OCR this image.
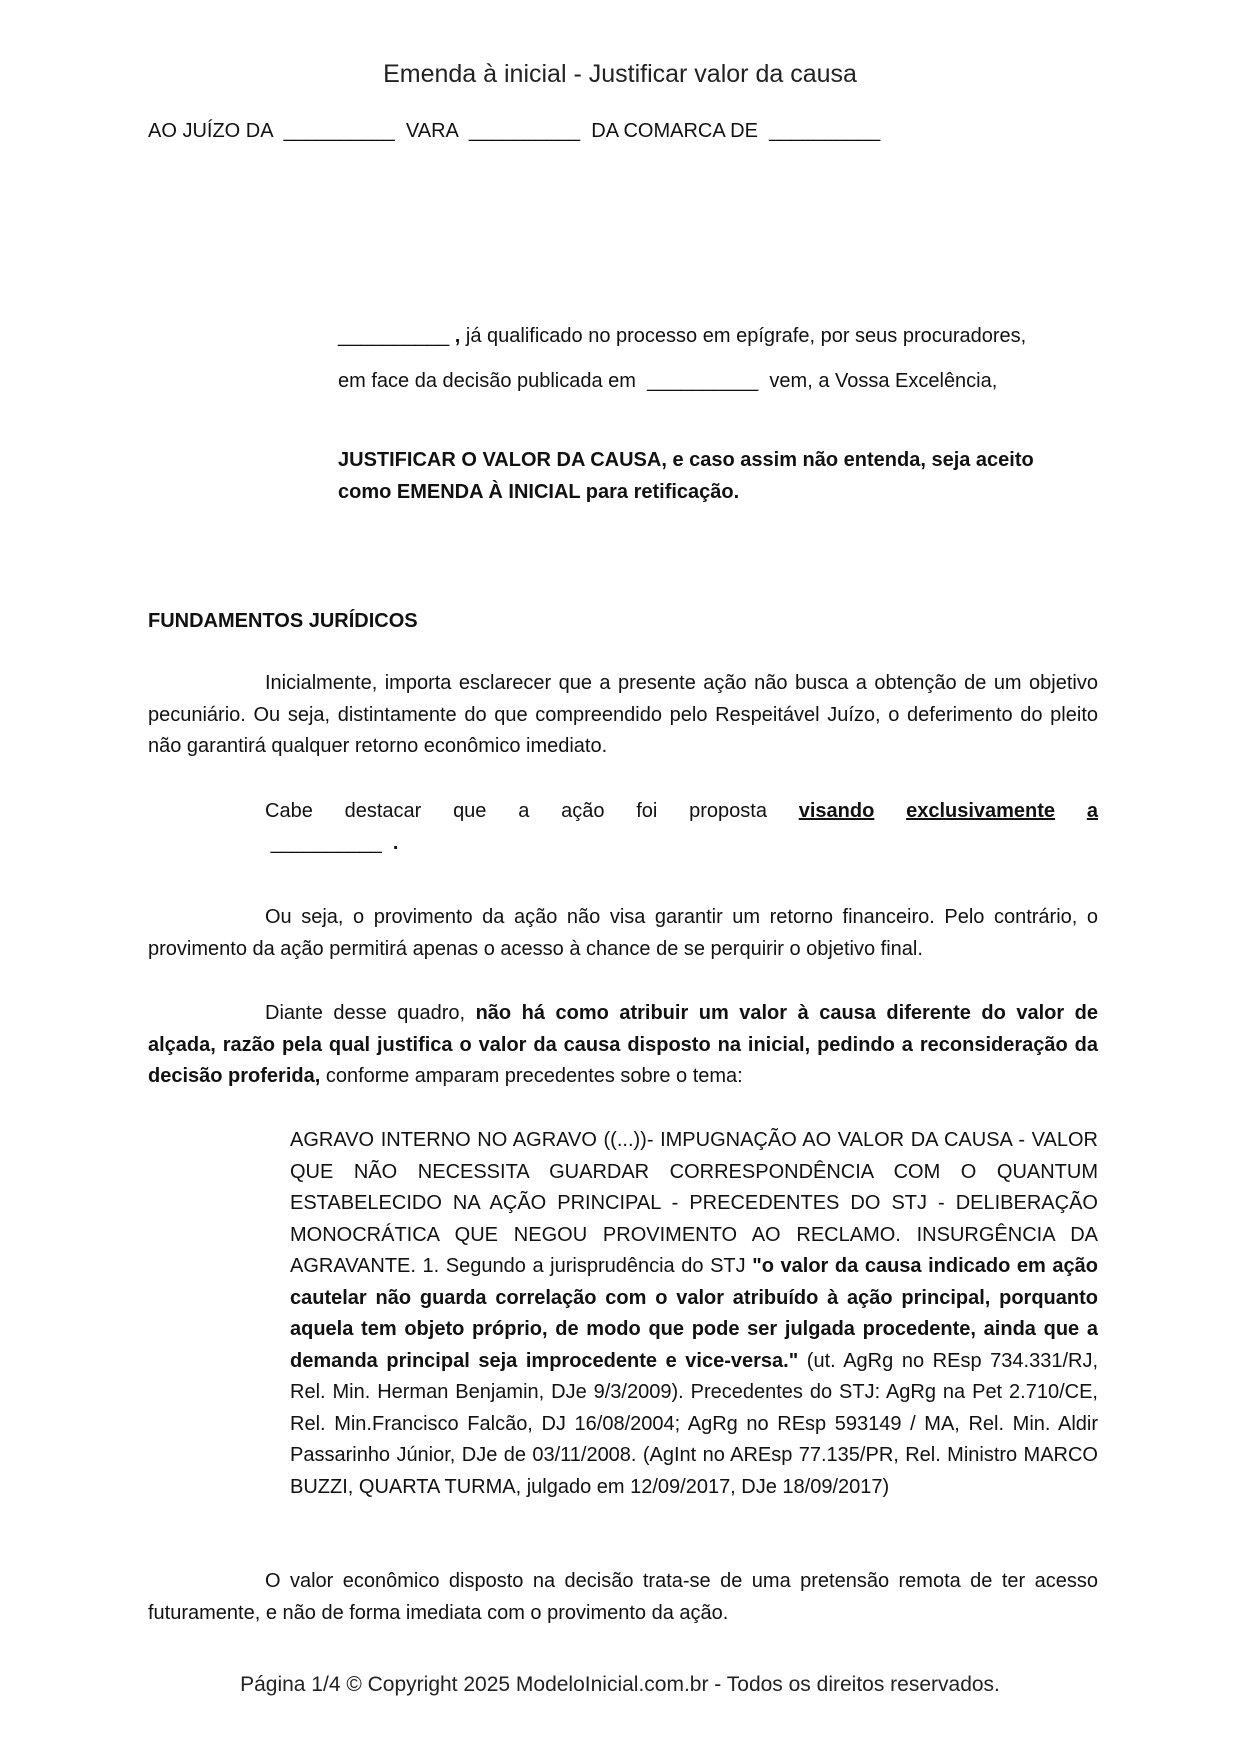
Emenda à inicial - Justificar valor da causa
AO JUÍZO DA  __________  VARA  __________  DA COMARCA DE  __________
__________ , já qualificado no processo em epígrafe, por seus procuradores,
em face da decisão publicada em  __________  vem, a Vossa Excelência,
JUSTIFICAR O VALOR DA CAUSA, e caso assim não entenda, seja aceito
como EMENDA À INICIAL para retificação.
FUNDAMENTOS JURÍDICOS
Inicialmente, importa esclarecer que a presente ação não busca a obtenção de um objetivo pecuniário. Ou seja, distintamente do que compreendido pelo Respeitável Juízo, o deferimento do pleito não garantirá qualquer retorno econômico imediato.
Cabe destacar que a ação foi proposta visando exclusivamente a
__________ .
Ou seja, o provimento da ação não visa garantir um retorno financeiro. Pelo contrário, o provimento da ação permitirá apenas o acesso à chance de se perquirir o objetivo final.
Diante desse quadro, não há como atribuir um valor à causa diferente do valor de alçada, razão pela qual justifica o valor da causa disposto na inicial, pedindo a reconsideração da decisão proferida, conforme amparam precedentes sobre o tema:
AGRAVO INTERNO NO AGRAVO ((...))- IMPUGNAÇÃO AO VALOR DA CAUSA - VALOR QUE NÃO NECESSITA GUARDAR CORRESPONDÊNCIA COM O QUANTUM ESTABELECIDO NA AÇÃO PRINCIPAL - PRECEDENTES DO STJ - DELIBERAÇÃO MONOCRÁTICA QUE NEGOU PROVIMENTO AO RECLAMO. INSURGÊNCIA DA AGRAVANTE. 1. Segundo a jurisprudência do STJ "o valor da causa indicado em ação cautelar não guarda correlação com o valor atribuído à ação principal, porquanto aquela tem objeto próprio, de modo que pode ser julgada procedente, ainda que a demanda principal seja improcedente e vice-versa." (ut. AgRg no REsp 734.331/RJ, Rel. Min. Herman Benjamin, DJe 9/3/2009). Precedentes do STJ: AgRg na Pet 2.710/CE, Rel. Min.Francisco Falcão, DJ 16/08/2004; AgRg no REsp 593149 / MA, Rel. Min. Aldir Passarinho Júnior, DJe de 03/11/2008. (AgInt no AREsp 77.135/PR, Rel. Ministro MARCO BUZZI, QUARTA TURMA, julgado em 12/09/2017, DJe 18/09/2017)
O valor econômico disposto na decisão trata-se de uma pretensão remota de ter acesso futuramente, e não de forma imediata com o provimento da ação.
Página 1/4 © Copyright 2025 ModeloInicial.com.br - Todos os direitos reservados.
